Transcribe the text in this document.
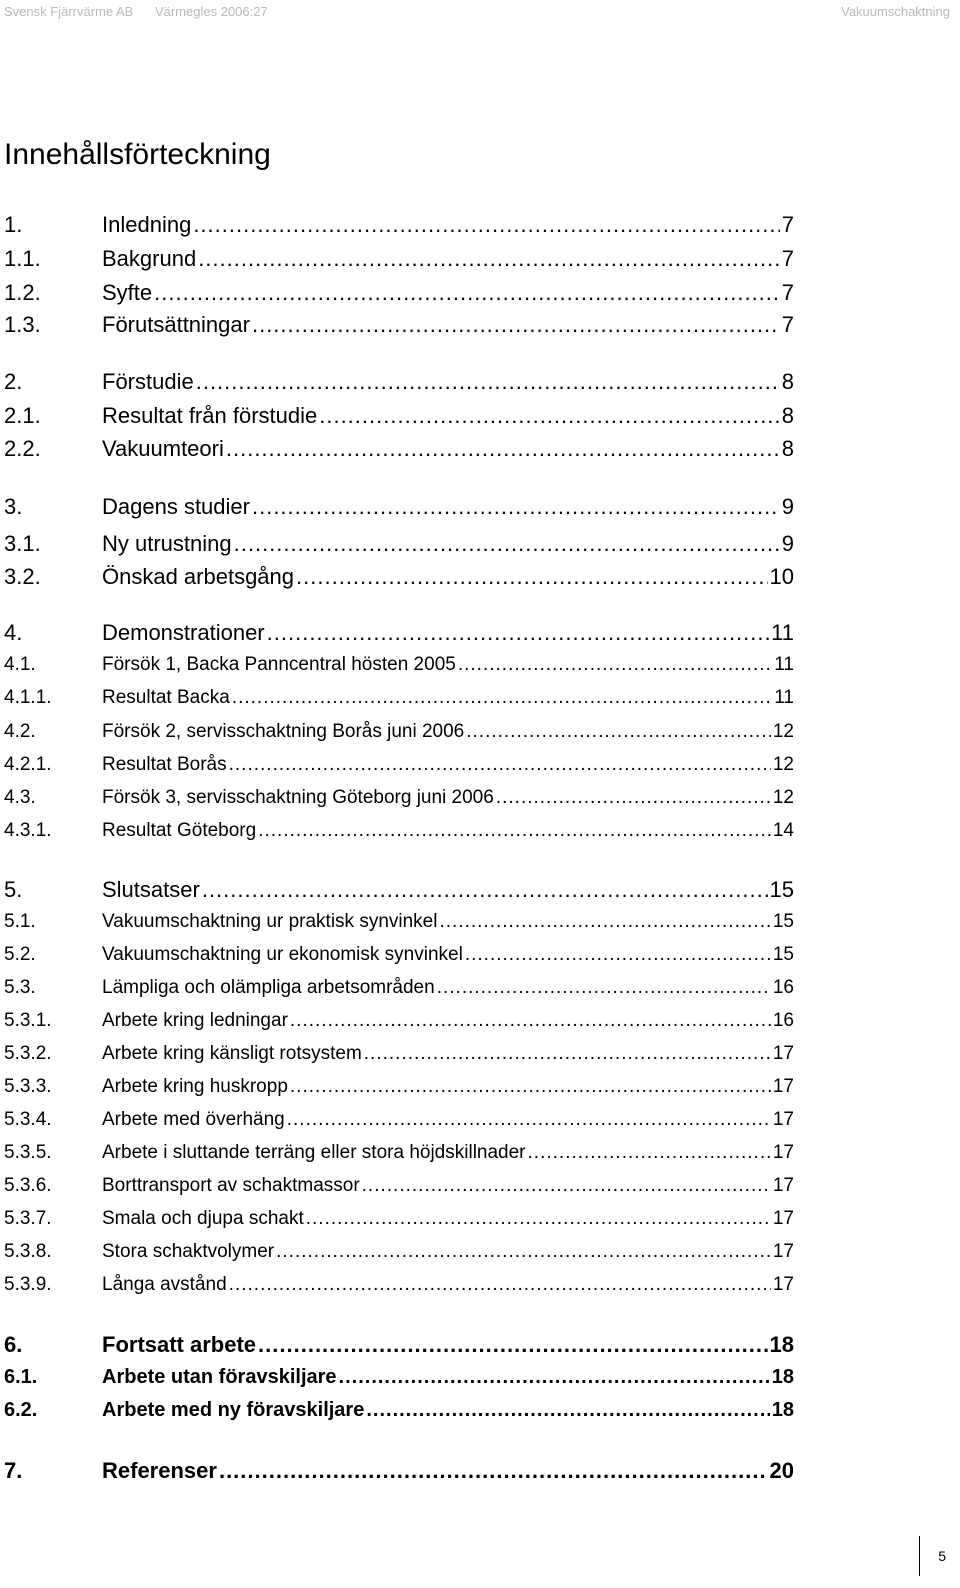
Svensk Fjärrvärme AB Värmegles 2006:27	Vakuumschaktning
Innehållsförteckning
1.	Inledning .....	7
1.1.	Bakgrund .....	7
1.2.	Syfte .....	7
1.3.	Förutsättningar .....	7
2.	Förstudie .....	8
2.1.	Resultat från förstudie .....	8
2.2.	Vakuumteori .....	8
3.	Dagens studier .....	9
3.1.	Ny utrustning .....	9
3.2.	Önskad arbetsgång .....	10
4.	Demonstrationer .....	11
4.1.	Försök 1, Backa Panncentral hösten 2005 .....	11
4.1.1.	Resultat Backa .....	11
4.2.	Försök 2, servisschaktning Borås juni 2006 .....	12
4.2.1.	Resultat Borås .....	12
4.3.	Försök 3, servisschaktning Göteborg juni 2006 .....	12
4.3.1.	Resultat Göteborg .....	14
5.	Slutsatser .....	15
5.1.	Vakuumschaktning ur praktisk synvinkel .....	15
5.2.	Vakuumschaktning ur ekonomisk synvinkel .....	15
5.3.	Lämpliga och olämpliga arbetsområden .....	16
5.3.1.	Arbete kring ledningar .....	16
5.3.2.	Arbete kring känsligt rotsystem .....	17
5.3.3.	Arbete kring huskropp .....	17
5.3.4.	Arbete med överhäng .....	17
5.3.5.	Arbete i sluttande terräng eller stora höjdskillnader .....	17
5.3.6.	Borttransport av schaktmassor .....	17
5.3.7.	Smala och djupa schakt .....	17
5.3.8.	Stora schaktvolymer .....	17
5.3.9.	Långa avstånd .....	17
6.	Fortsatt arbete .....	18
6.1.	Arbete utan föravskiljare .....	18
6.2.	Arbete med ny föravskiljare .....	18
7.	Referenser .....	20
5
